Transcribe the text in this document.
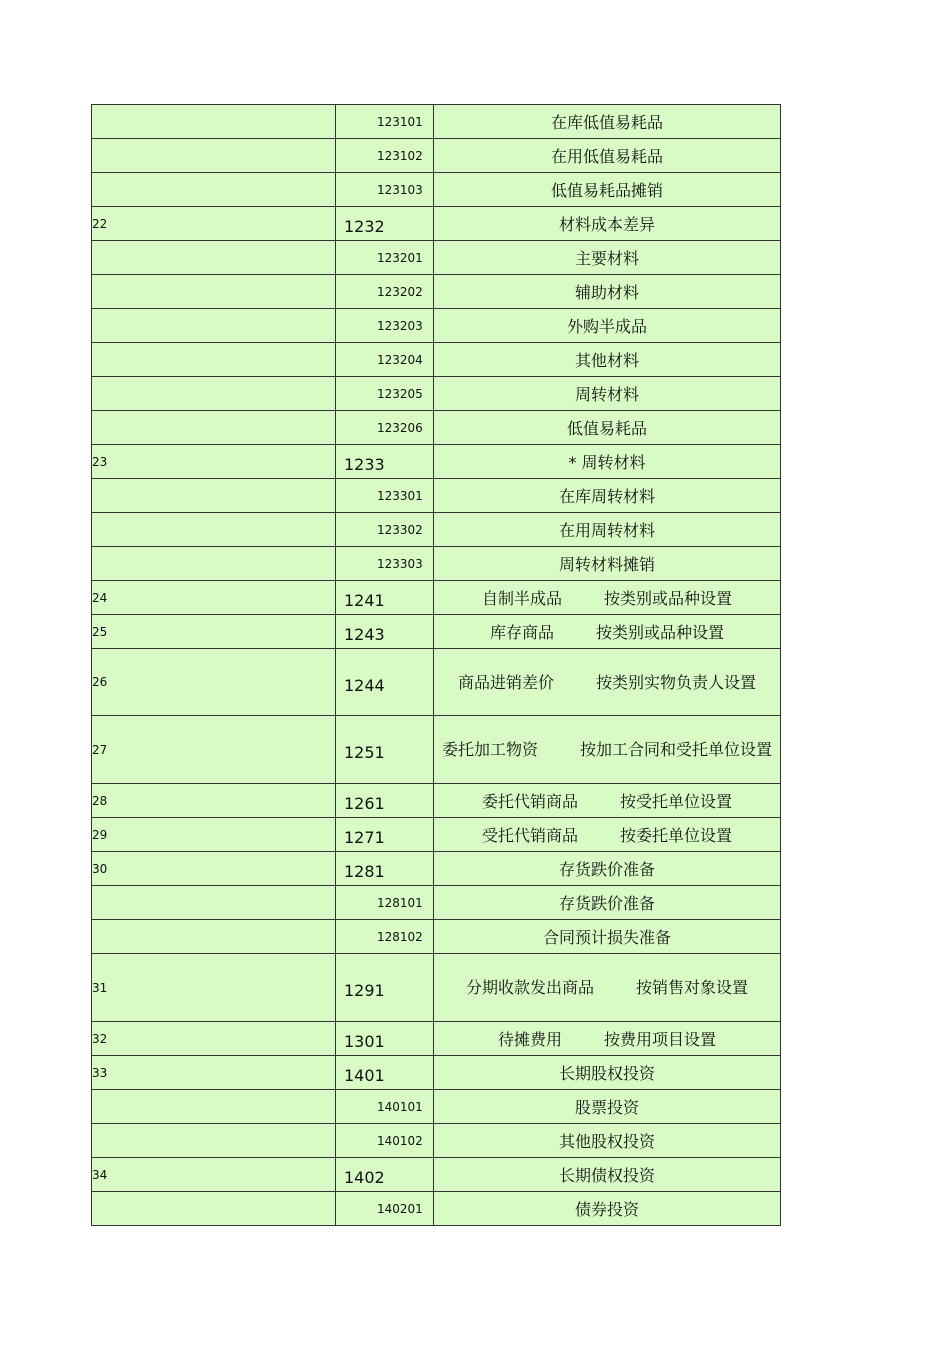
	123101	在库低值易耗品
	123102	在用低值易耗品
	123103	低值易耗品摊销
22	1232	材料成本差异
	123201	主要材料
	123202	辅助材料
	123203	外购半成品
	123204	其他材料
	123205	周转材料
	123206	低值易耗品
23	1233	* 周转材料
	123301	在库周转材料
	123302	在用周转材料
	123303	周转材料摊销
24	1241	自制半成品 按类别或品种设置
25	1243	库存商品 按类别或品种设置
26	1244	商品进销差价 按类别实物负责人设置
27	1251	委托加工物资 按加工合同和受托单位设置
28	1261	委托代销商品 按受托单位设置
29	1271	受托代销商品 按委托单位设置
30	1281	存货跌价准备
	128101	存货跌价准备
	128102	合同预计损失准备
31	1291	分期收款发出商品 按销售对象设置
32	1301	待摊费用 按费用项目设置
33	1401	长期股权投资
	140101	股票投资
	140102	其他股权投资
34	1402	长期债权投资
	140201	债券投资
